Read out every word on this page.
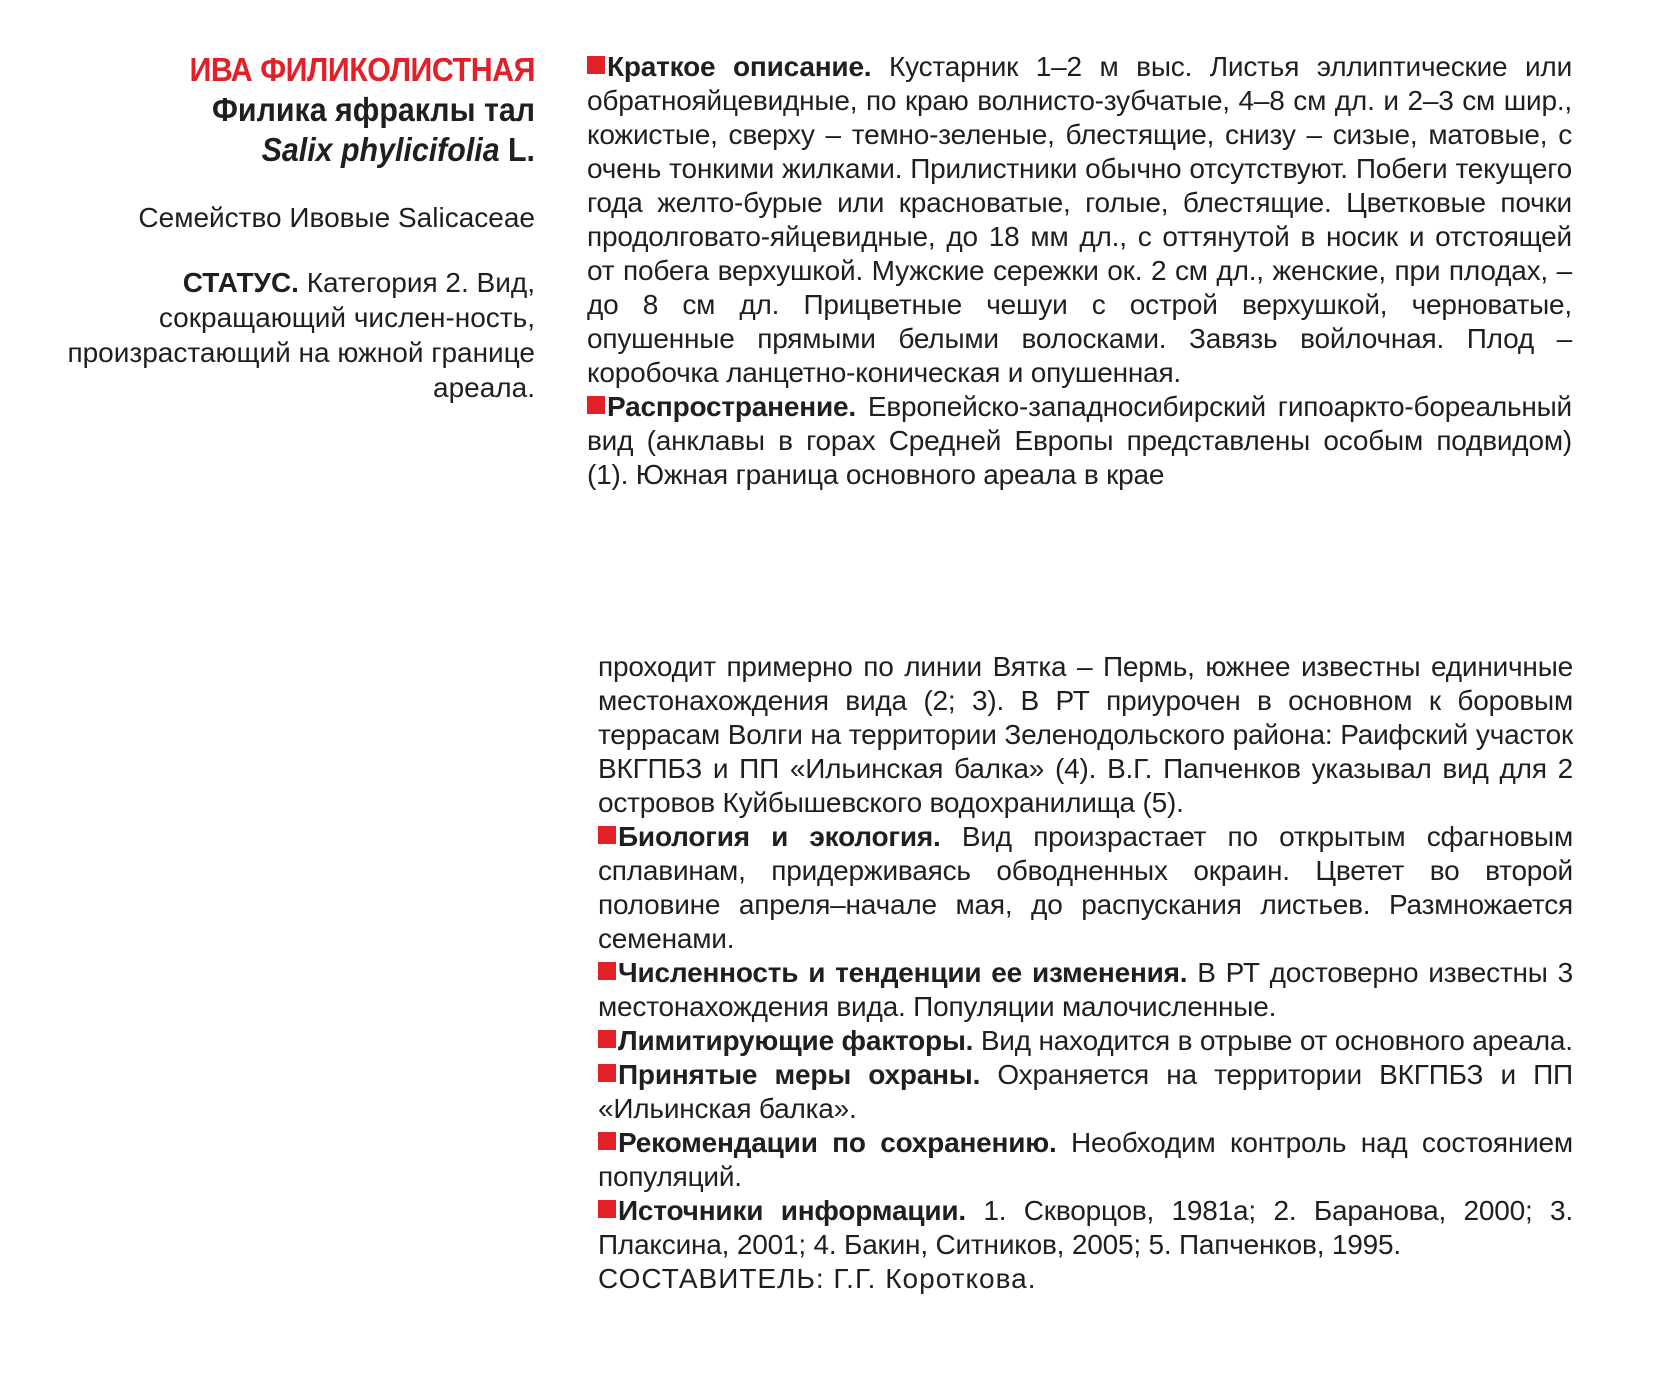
ИВА ФИЛИКОЛИСТНАЯ
Филика яфраклы тал
Salix phylicifolia L.
Семейство Ивовые Salicaceae
СТАТУС. Категория 2. Вид, сокращающий числен-ность, произрастающий на южной границе ареала.

Краткое описание. Кустарник 1–2 м выс. Листья эллиптические или обратнояйцевидные, по краю волнисто-зубчатые, 4–8 см дл. и 2–3 см шир., кожистые, сверху – темно-зеленые, блестящие, снизу – сизые, матовые, с очень тонкими жилками. Прилистники обычно отсутствуют. Побеги текущего года желто-бурые или красноватые, голые, блестящие. Цветковые почки продолговато-яйцевидные, до 18 мм дл., с оттянутой в носик и отстоящей от побега верхушкой. Мужские сережки ок. 2 см дл., женские, при плодах, – до 8 см дл. Прицветные чешуи с острой верхушкой, черноватые, опушенные прямыми белыми волосками. Завязь войлочная. Плод – коробочка ланцетно-коническая и опушенная.

Распространение. Европейско-западносибирский гипоаркто-бореальный вид (анклавы в горах Средней Европы представлены особым подвидом) (1). Южная граница основного ареала в крае

проходит примерно по линии Вятка – Пермь, южнее известны единичные местонахождения вида (2; 3). В РТ приурочен в основном к боровым террасам Волги на территории Зеленодольского района: Раифский участок ВКГПБЗ и ПП «Ильинская балка» (4). В.Г. Папченков указывал вид для 2 островов Куйбышевского водохранилища (5).

Биология и экология. Вид произрастает по открытым сфагновым сплавинам, придерживаясь обводненных окраин. Цветет во второй половине апреля–начале мая, до распускания листьев. Размножается семенами.

Численность и тенденции ее изменения. В РТ достоверно известны 3 местонахождения вида. Популяции малочисленные.

Лимитирующие факторы. Вид находится в отрыве от основного ареала.

Принятые меры охраны. Охраняется на территории ВКГПБЗ и ПП «Ильинская балка».

Рекомендации по сохранению. Необходим контроль над состоянием популяций.

Источники информации. 1. Скворцов, 1981а; 2. Баранова, 2000; 3. Плаксина, 2001; 4. Бакин, Ситников, 2005; 5. Папченков, 1995.

СОСТАВИТЕЛЬ: Г.Г. Короткова.
